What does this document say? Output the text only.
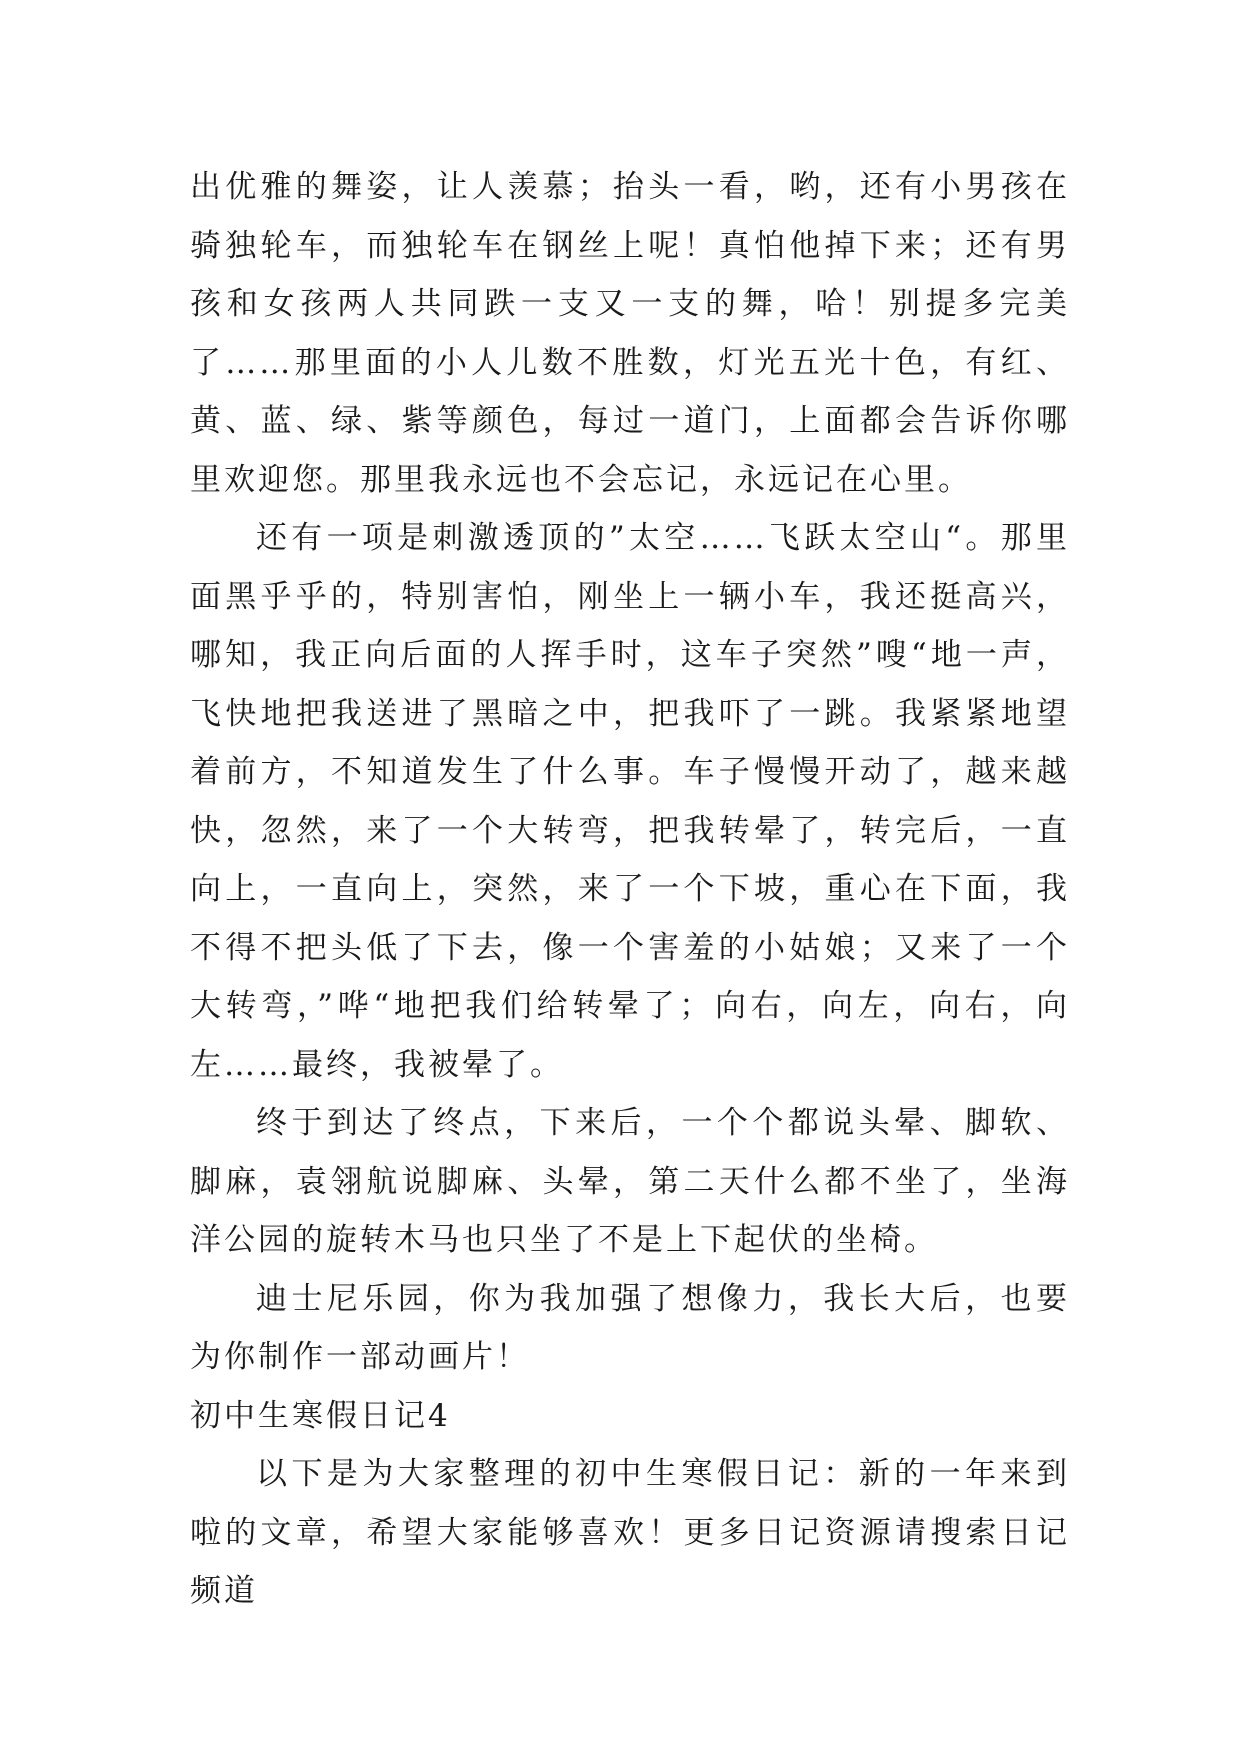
出优雅的舞姿，让人羡慕；抬头一看，哟，还有小男孩在骑独轮车，而独轮车在钢丝上呢！真怕他掉下来；还有男孩和女孩两人共同跌一支又一支的舞，哈！别提多完美了……那里面的小人儿数不胜数，灯光五光十色，有红、黄、蓝、绿、紫等颜色，每过一道门，上面都会告诉你哪里欢迎您。那里我永远也不会忘记，永远记在心里。

还有一项是刺激透顶的”太空……飞跃太空山“。那里面黑乎乎的，特别害怕，刚坐上一辆小车，我还挺高兴，哪知，我正向后面的人挥手时，这车子突然”嗖“地一声，飞快地把我送进了黑暗之中，把我吓了一跳。我紧紧地望着前方，不知道发生了什么事。车子慢慢开动了，越来越快，忽然，来了一个大转弯，把我转晕了，转完后，一直向上，一直向上，突然，来了一个下坡，重心在下面，我不得不把头低了下去，像一个害羞的小姑娘；又来了一个大转弯，”哗“地把我们给转晕了；向右，向左，向右，向左……最终，我被晕了。

终于到达了终点，下来后，一个个都说头晕、脚软、脚麻，袁翎航说脚麻、头晕，第二天什么都不坐了，坐海洋公园的旋转木马也只坐了不是上下起伏的坐椅。

迪士尼乐园，你为我加强了想像力，我长大后，也要为你制作一部动画片！

初中生寒假日记4

以下是为大家整理的初中生寒假日记：新的一年来到啦的文章，希望大家能够喜欢！更多日记资源请搜索日记频道
